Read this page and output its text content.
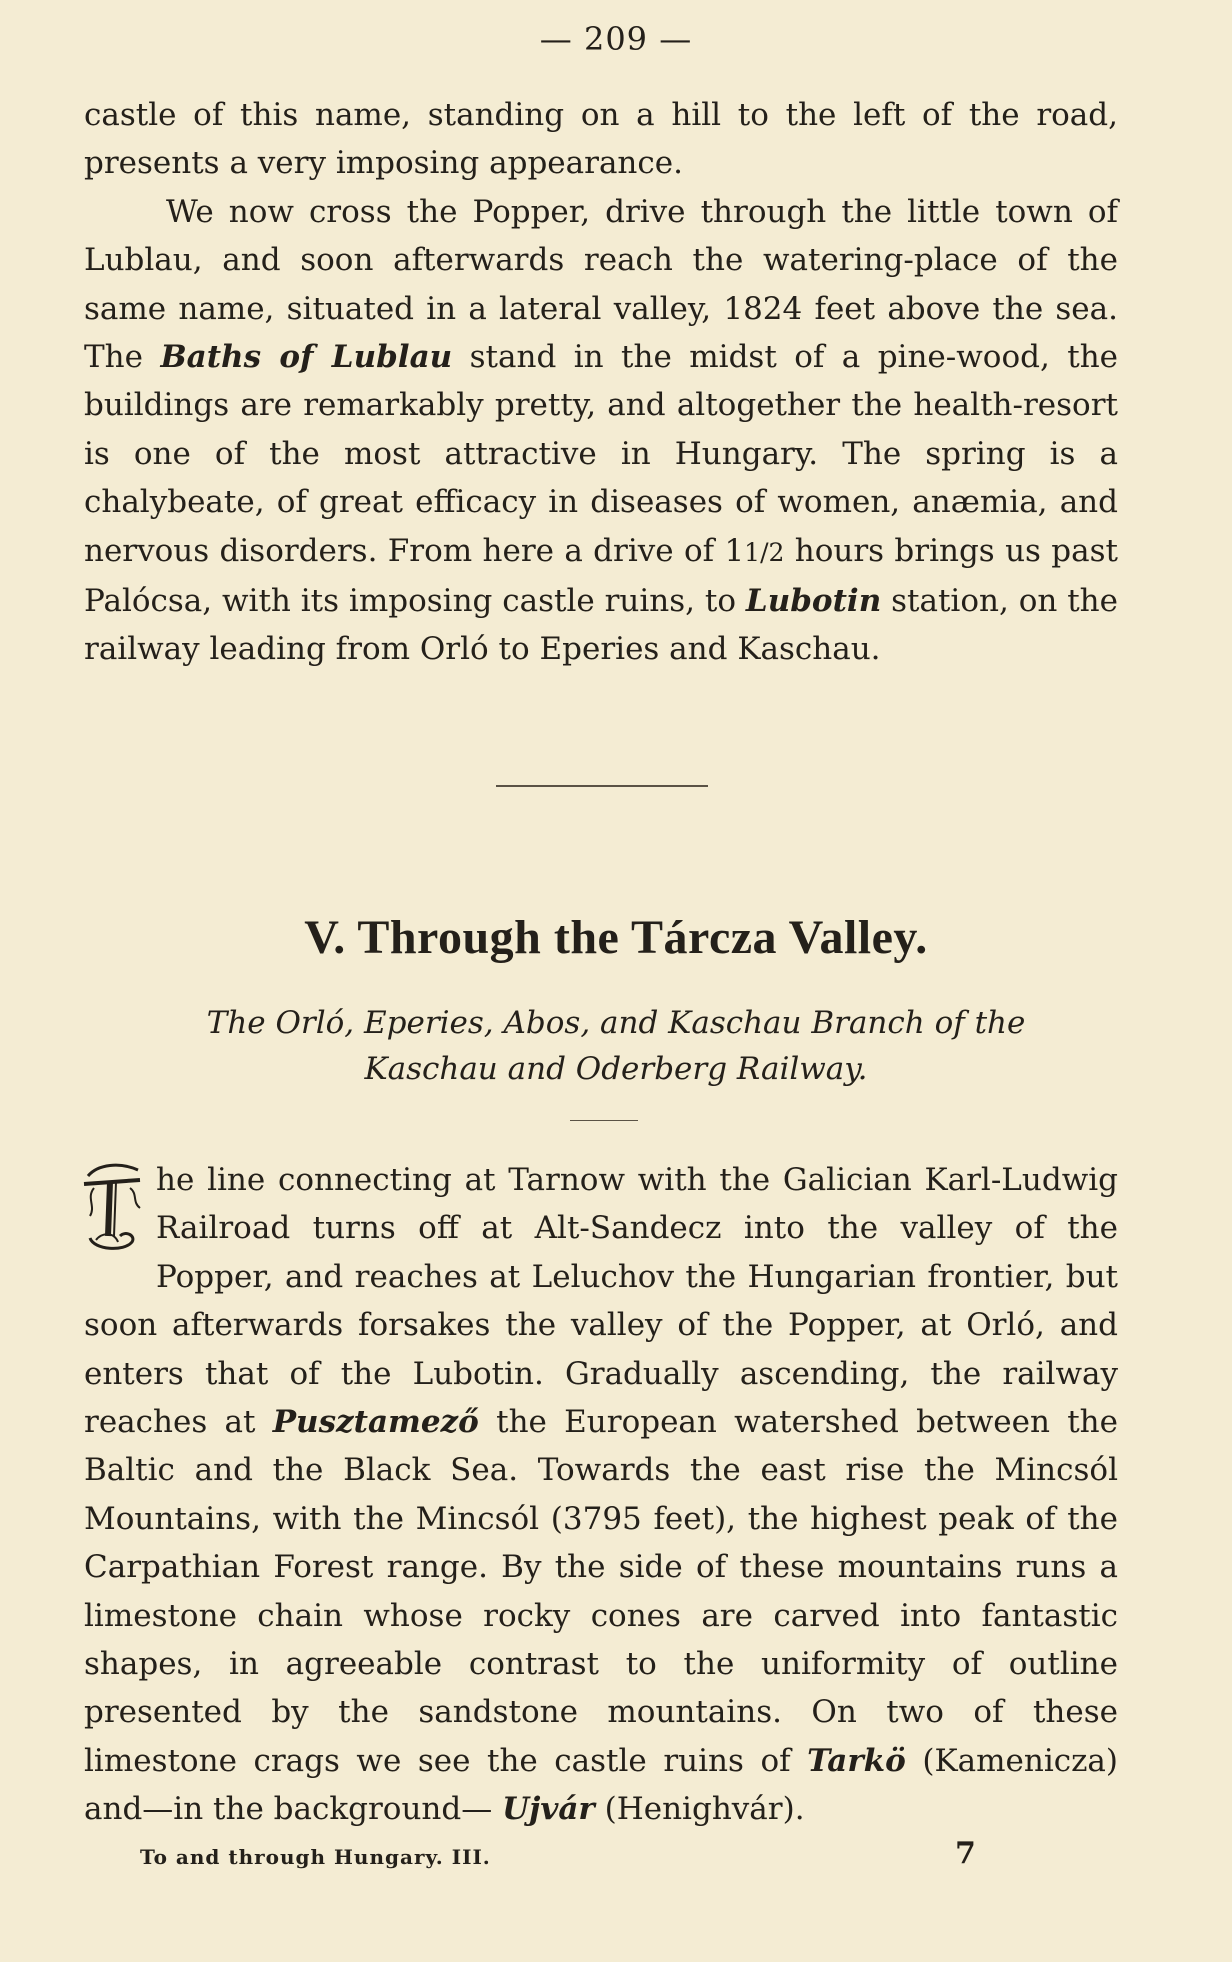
— 209 —

castle of this name, standing on a hill to the left of the road, presents a very imposing appearance.

We now cross the Popper, drive through the little town of Lublau, and soon afterwards reach the watering-place of the same name, situated in a lateral valley, 1824 feet above the sea. The Baths of Lublau stand in the midst of a pine-wood, the buildings are remarkably pretty, and altogether the health-resort is one of the most attractive in Hungary. The spring is a chalybeate, of great efficacy in diseases of women, anæmia, and nervous disorders. From here a drive of 11/2 hours brings us past Palócsa, with its imposing castle ruins, to Lubotin station, on the railway leading from Orló to Eperies and Kaschau.

V. Through the Tárcza Valley.
The Orló, Eperies, Abos, and Kaschau Branch of the
Kaschau and Oderberg Railway.

he line connecting at Tarnow with the Galician Karl-Ludwig Railroad turns off at Alt-Sandecz into the valley of the Popper, and reaches at Leluchov the Hungarian frontier, but soon afterwards forsakes the valley of the Popper, at Orló, and enters that of the Lubotin. Gradually ascending, the railway reaches at Pusztamező the European watershed between the Baltic and the Black Sea. Towards the east rise the Mincsól Mountains, with the Mincsól (3795 feet), the highest peak of the Carpathian Forest range. By the side of these mountains runs a limestone chain whose rocky cones are carved into fantastic shapes, in agreeable contrast to the uniformity of outline presented by the sandstone mountains. On two of these limestone crags we see the castle ruins of Tarkö (Kamenicza) and—in the background— Ujvár (Henighvár).

To and through Hungary. III.	7
